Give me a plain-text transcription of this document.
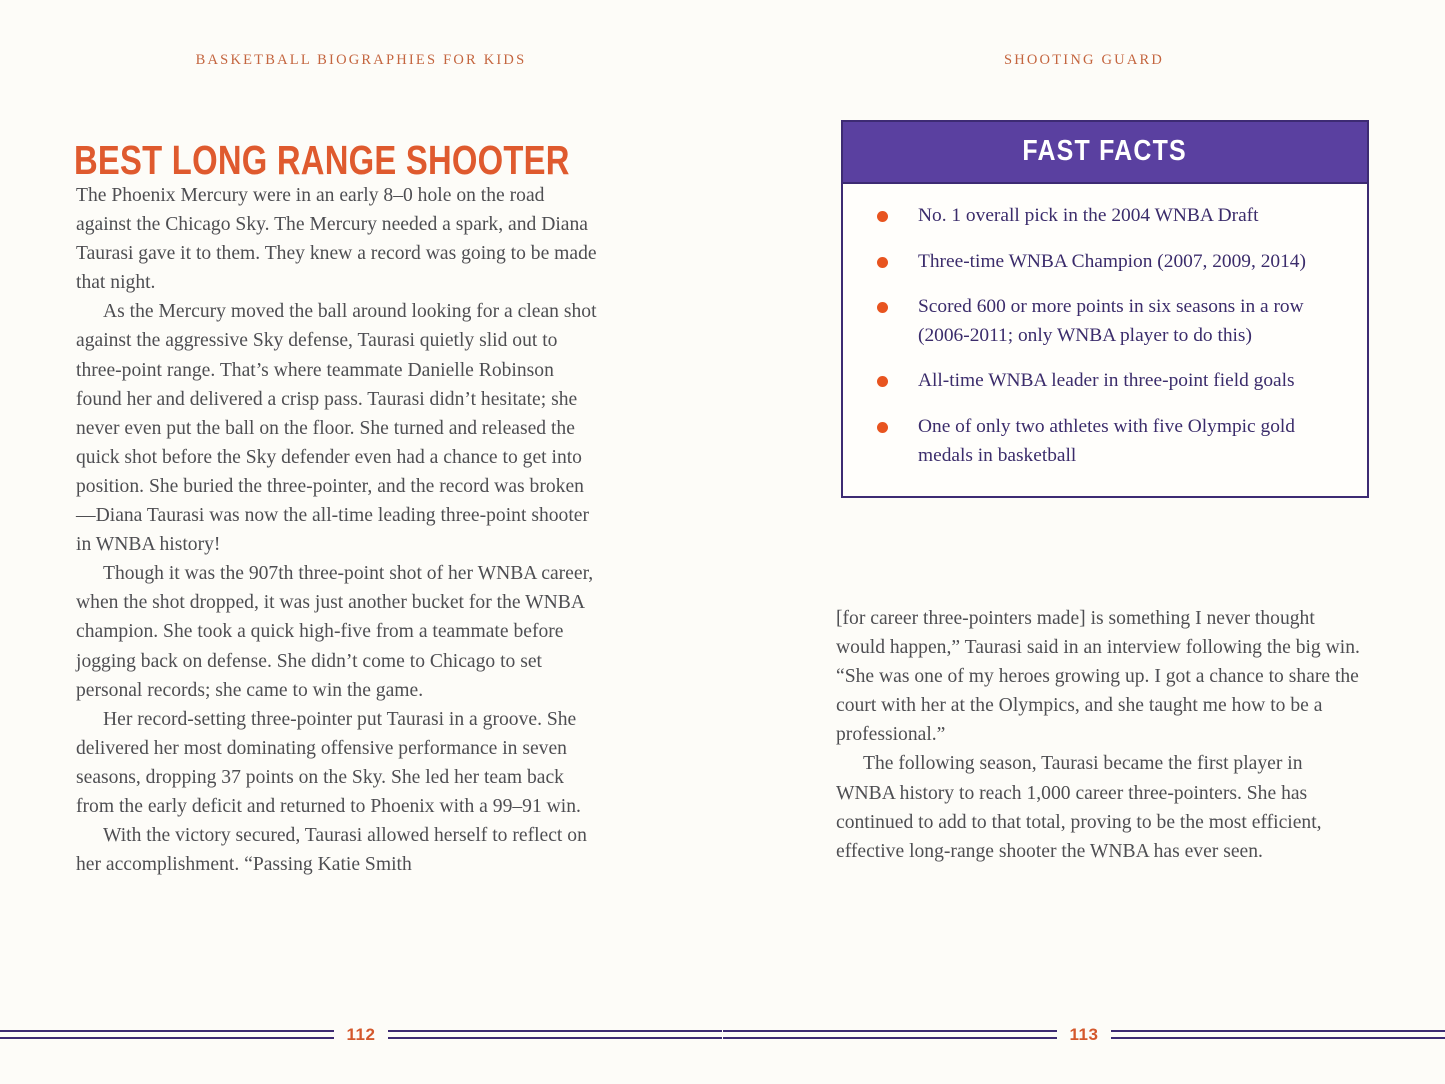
BASKETBALL BIOGRAPHIES FOR KIDS
BEST LONG RANGE SHOOTER

The Phoenix Mercury were in an early 8–0 hole on the road against the Chicago Sky. The Mercury needed a spark, and Diana Taurasi gave it to them. They knew a record was going to be made that night.

As the Mercury moved the ball around looking for a clean shot against the aggressive Sky defense, Taurasi quietly slid out to three-point range. That’s where teammate Danielle Robinson found her and delivered a crisp pass. Taurasi didn’t hesitate; she never even put the ball on the floor. She turned and released the quick shot before the Sky defender even had a chance to get into position. She buried the three-pointer, and the record was broken—Diana Taurasi was now the all-time leading three-point shooter in WNBA history!

Though it was the 907th three-point shot of her WNBA career, when the shot dropped, it was just another bucket for the WNBA champion. She took a quick high-five from a teammate before jogging back on defense. She didn’t come to Chicago to set personal records; she came to win the game.

Her record-setting three-pointer put Taurasi in a groove. She delivered her most dominating offensive performance in seven seasons, dropping 37 points on the Sky. She led her team back from the early deficit and returned to Phoenix with a 99–91 win.

With the victory secured, Taurasi allowed herself to reflect on her accomplishment. “Passing Katie Smith

112
SHOOTING GUARD
113
FAST FACTS
No. 1 overall pick in the 2004 WNBA Draft
Three-time WNBA Champion (2007, 2009, 2014)
Scored 600 or more points in six seasons in a row (2006-2011; only WNBA player to do this)
All-time WNBA leader in three-point field goals
One of only two athletes with five Olympic gold medals in basketball

[for career three-pointers made] is something I never thought would happen,” Taurasi said in an interview following the big win. “She was one of my heroes growing up. I got a chance to share the court with her at the Olympics, and she taught me how to be a professional.”

The following season, Taurasi became the first player in WNBA history to reach 1,000 career three-pointers. She has continued to add to that total, proving to be the most efficient, effective long-range shooter the WNBA has ever seen.
